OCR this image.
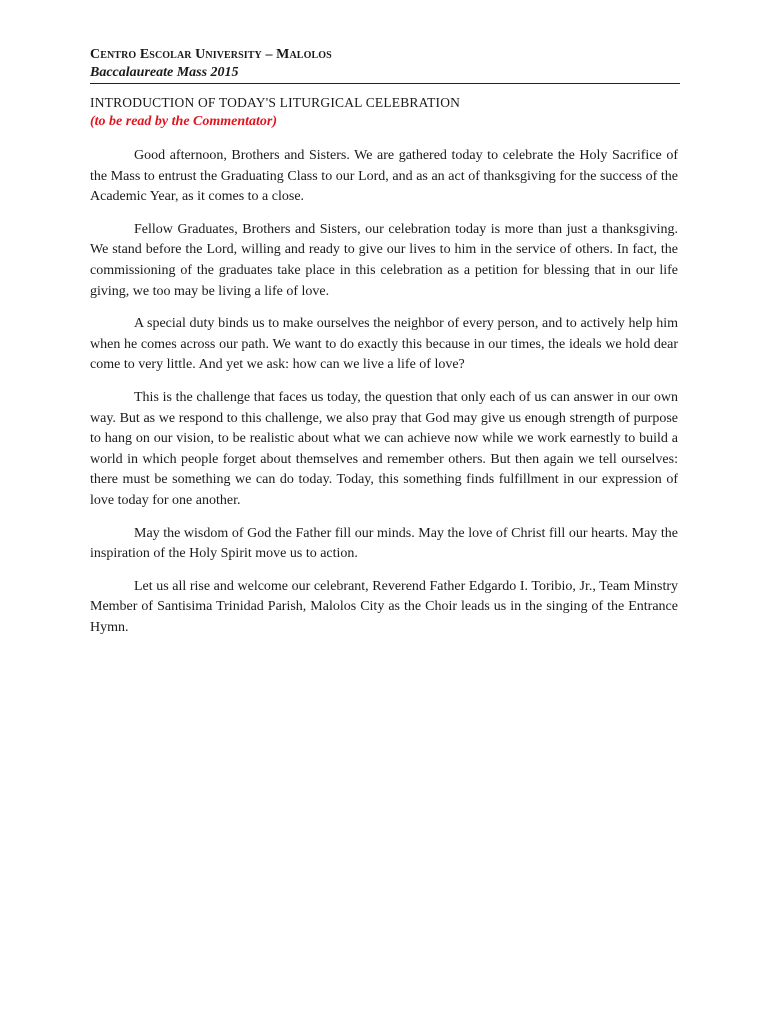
Centro Escolar University – Malolos
Baccalaureate Mass 2015
INTRODUCTION OF TODAY'S LITURGICAL CELEBRATION
(to be read by the Commentator)

Good afternoon, Brothers and Sisters. We are gathered today to celebrate the Holy Sacrifice of the Mass to entrust the Graduating Class to our Lord, and as an act of thanksgiving for the success of the Academic Year, as it comes to a close.

Fellow Graduates, Brothers and Sisters, our celebration today is more than just a thanksgiving. We stand before the Lord, willing and ready to give our lives to him in the service of others. In fact, the commissioning of the graduates take place in this celebration as a petition for blessing that in our life giving, we too may be living a life of love.

A special duty binds us to make ourselves the neighbor of every person, and to actively help him when he comes across our path. We want to do exactly this because in our times, the ideals we hold dear come to very little. And yet we ask: how can we live a life of love?

This is the challenge that faces us today, the question that only each of us can answer in our own way. But as we respond to this challenge, we also pray that God may give us enough strength of purpose to hang on our vision, to be realistic about what we can achieve now while we work earnestly to build a world in which people forget about themselves and remember others. But then again we tell ourselves: there must be something we can do today. Today, this something finds fulfillment in our expression of love today for one another.

May the wisdom of God the Father fill our minds. May the love of Christ fill our hearts. May the inspiration of the Holy Spirit move us to action.

Let us all rise and welcome our celebrant, Reverend Father Edgardo I. Toribio, Jr., Team Minstry Member of Santisima Trinidad Parish, Malolos City as the Choir leads us in the singing of the Entrance Hymn.
